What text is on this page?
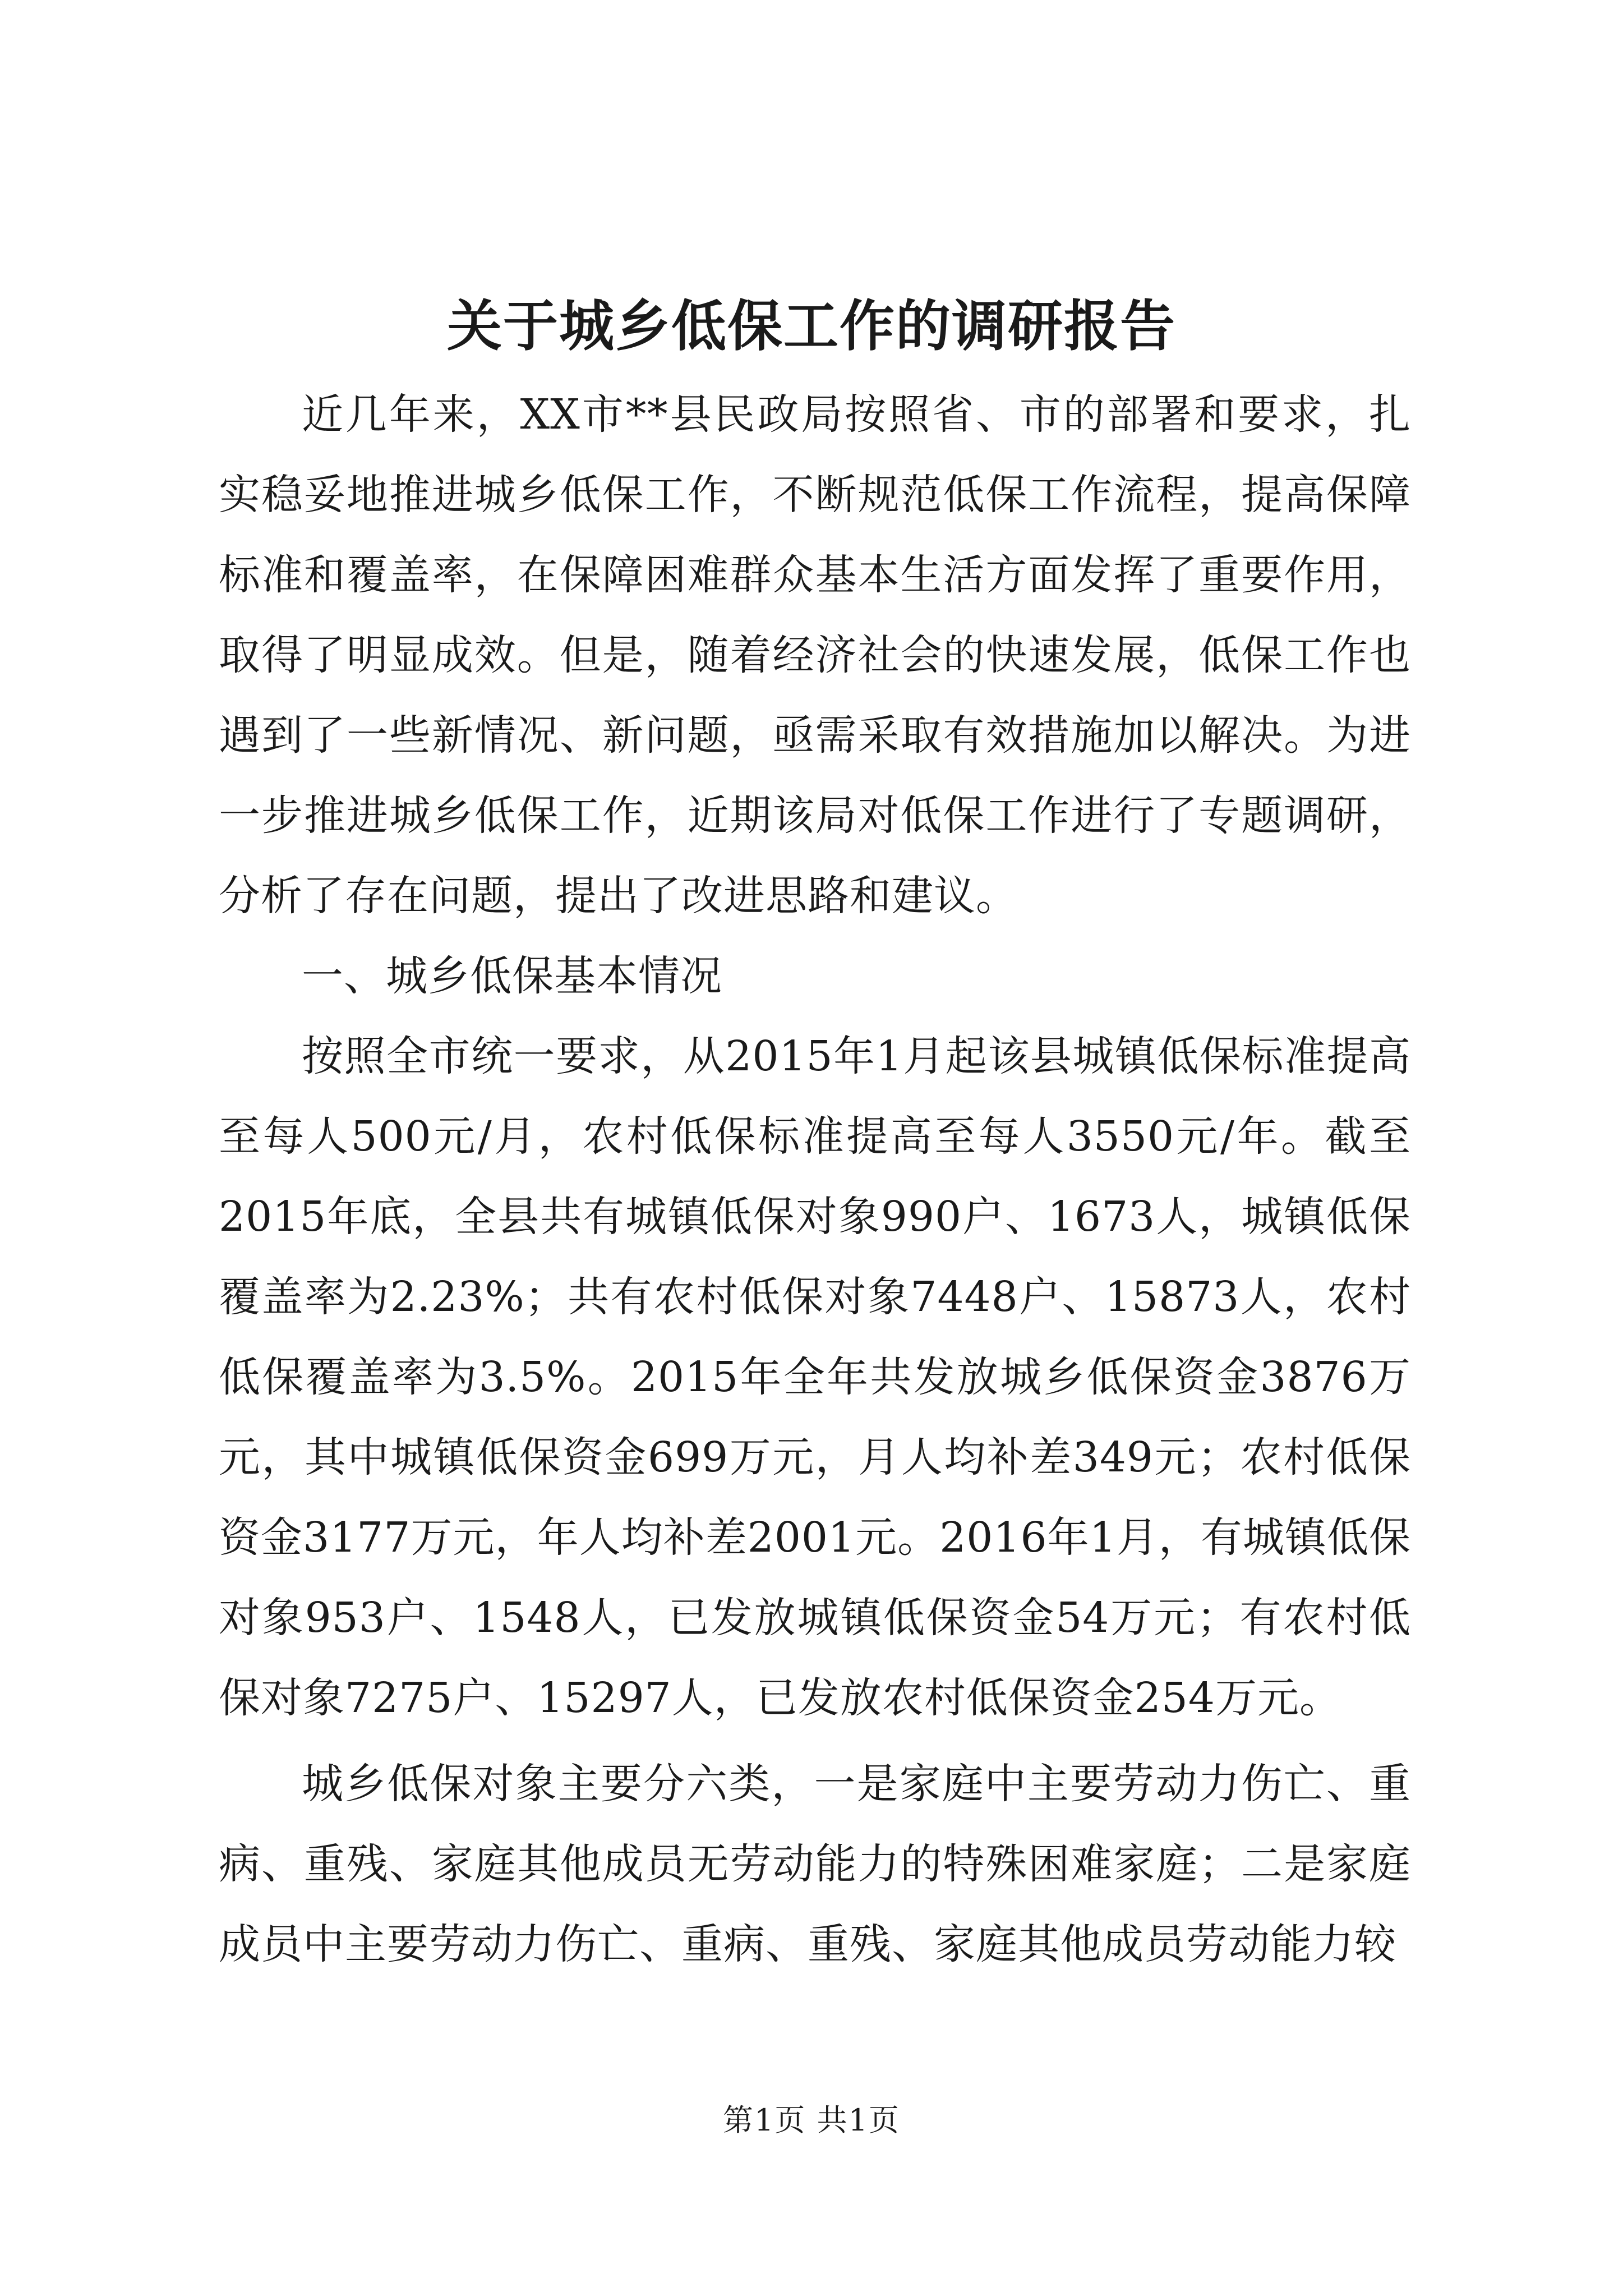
关于城乡低保工作的调研报告

近几年来，XX市**县民政局按照省、市的部署和要求，扎实稳妥地推进城乡低保工作，不断规范低保工作流程，提高保障标准和覆盖率，在保障困难群众基本生活方面发挥了重要作用，取得了明显成效。但是，随着经济社会的快速发展，低保工作也遇到了一些新情况、新问题，亟需采取有效措施加以解决。为进一步推进城乡低保工作，近期该局对低保工作进行了专题调研，分析了存在问题，提出了改进思路和建议。

一、城乡低保基本情况

按照全市统一要求，从2015年1月起该县城镇低保标准提高至每人500元/月，农村低保标准提高至每人3550元/年。截至2015年底，全县共有城镇低保对象990户、1673人，城镇低保覆盖率为2.23%；共有农村低保对象7448户、15873人，农村低保覆盖率为3.5%。2015年全年共发放城乡低保资金3876万元，其中城镇低保资金699万元，月人均补差349元；农村低保资金3177万元，年人均补差2001元。2016年1月，有城镇低保对象953户、1548人，已发放城镇低保资金54万元；有农村低保对象7275户、15297人，已发放农村低保资金254万元。

城乡低保对象主要分六类，一是家庭中主要劳动力伤亡、重病、重残、家庭其他成员无劳动能力的特殊困难家庭；二是家庭成员中主要劳动力伤亡、重病、重残、家庭其他成员劳动能力较

第1页 共1页
